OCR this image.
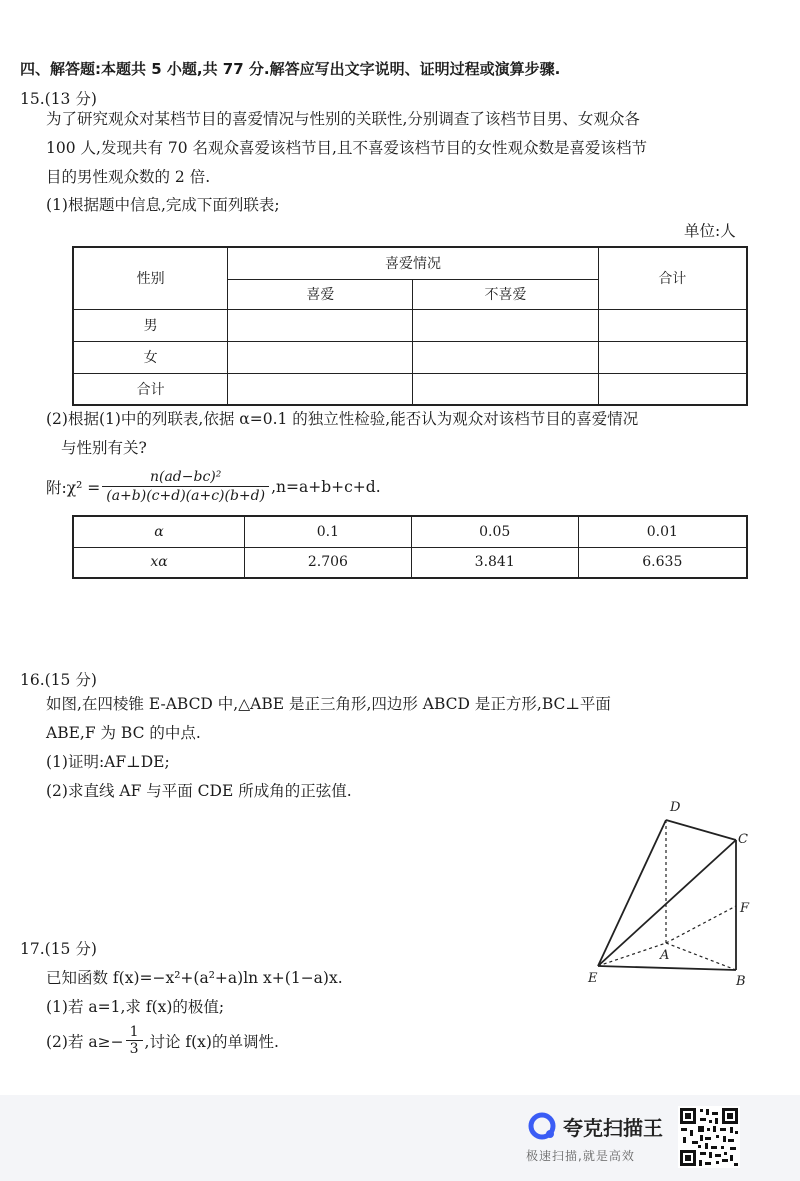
四、解答题:本题共 5 小题,共 77 分.解答应写出文字说明、证明过程或演算步骤.
15.(13 分)
为了研究观众对某档节目的喜爱情况与性别的关联性,分别调查了该档节目男、女观众各
100 人,发现共有 70 名观众喜爱该档节目,且不喜爱该档节目的女性观众数是喜爱该档节
目的男性观众数的 2 倍.
(1)根据题中信息,完成下面列联表;
单位:人
性别	喜爱情况		合计
	喜爱	不喜爱	
男			
女			
合计			
(2)根据(1)中的列联表,依据 α=0.1 的独立性检验,能否认为观众对该档节目的喜爱情况
与性别有关?
附:χ² = $\frac{\text{n(ad−bc)²}}{(a+b)(c+d)(a+c)(b+d)} ,n=a+b+c+d$.
α	0.1	0.05	0.01
xα	2.706	3.841	6.635
16.(15 分)
如图,在四棱锥 E-ABCD 中,△ABE 是正三角形,四边形 ABCD 是正方形,BC⊥平面
ABE,F 为 BC 的中点.
(1)证明:AF⊥DE;
(2)求直线 AF 与平面 CDE 所成角的正弦值.
D
C
F
A
E	B
17.(15 分)
已知函数 f(x)=−x²+(a²+a)ln x+(1−a)x.
(1)若 a=1,求 f(x)的极值;
(2)若 $a\ge- \frac{1}{3}$ ,讨论 f(x)的单调性.
夸克扫描王
极速扫描,就是高效
